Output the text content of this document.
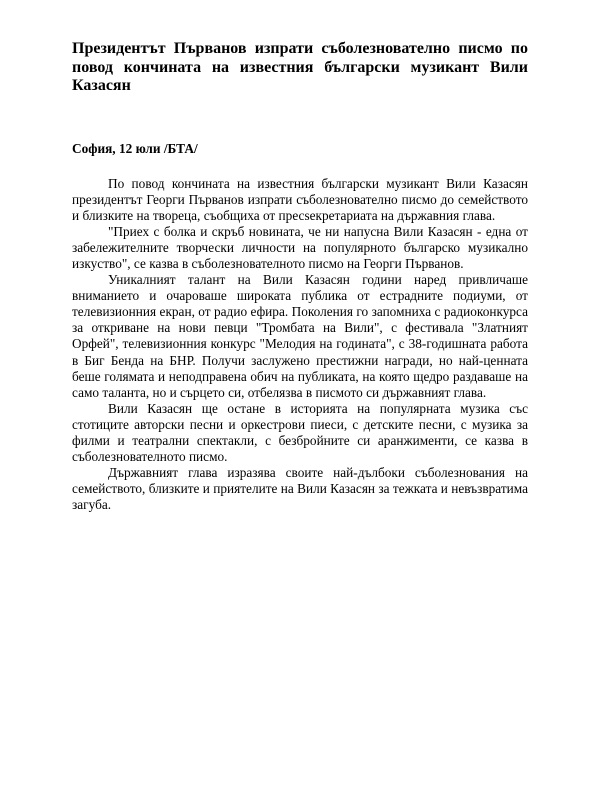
Президентът Първанов изпрати съболезнователно писмо по повод кончината на известния български музикант Вили Казасян

София, 12 юли /БТА/

По повод кончината на известния български музикант Вили Казасян президентът Георги Първанов изпрати съболезнователно писмо до семейството и близките на твореца, съобщиха от пресsекретариата на държавния глава.

"Приех с болка и скръб новината, че ни напусна Вили Казасян - една от забележителните творчески личности на популярното българско музикално изкуство", се казва в съболезнователното писмо на Георги Първанов.

Уникалният талант на Вили Казасян години наред привличаше вниманието и очароваше широката публика от естрадните подиуми, от телевизионния екран, от радио ефира. Поколения го запомниха с радиоконкурса за откриване на нови певци "Тромбата на Вили", с фестивала "Златният Орфей", телевизионния конкурс "Мелодия на годината", с 38-годишната работа в Биг Бенда на БНР. Получи заслужено престижни награди, но най-ценната беше голямата и неподправена обич на публиката, на която щедро раздаваше на само таланта, но и сърцето си, отбелязва в писмото си държавният глава.

Вили Казасян ще остане в историята на популярната музика със стотиците авторски песни и оркестрови пиеси, с детските песни, с музика за филми и театрални спектакли, с безбройните си аранжименти, се казва в съболезнователното писмо.

Държавният глава изразява своите най-дълбоки съболезнования на семейството, близките и приятелите на Вили Казасян за тежката и невъзвратима загуба.
